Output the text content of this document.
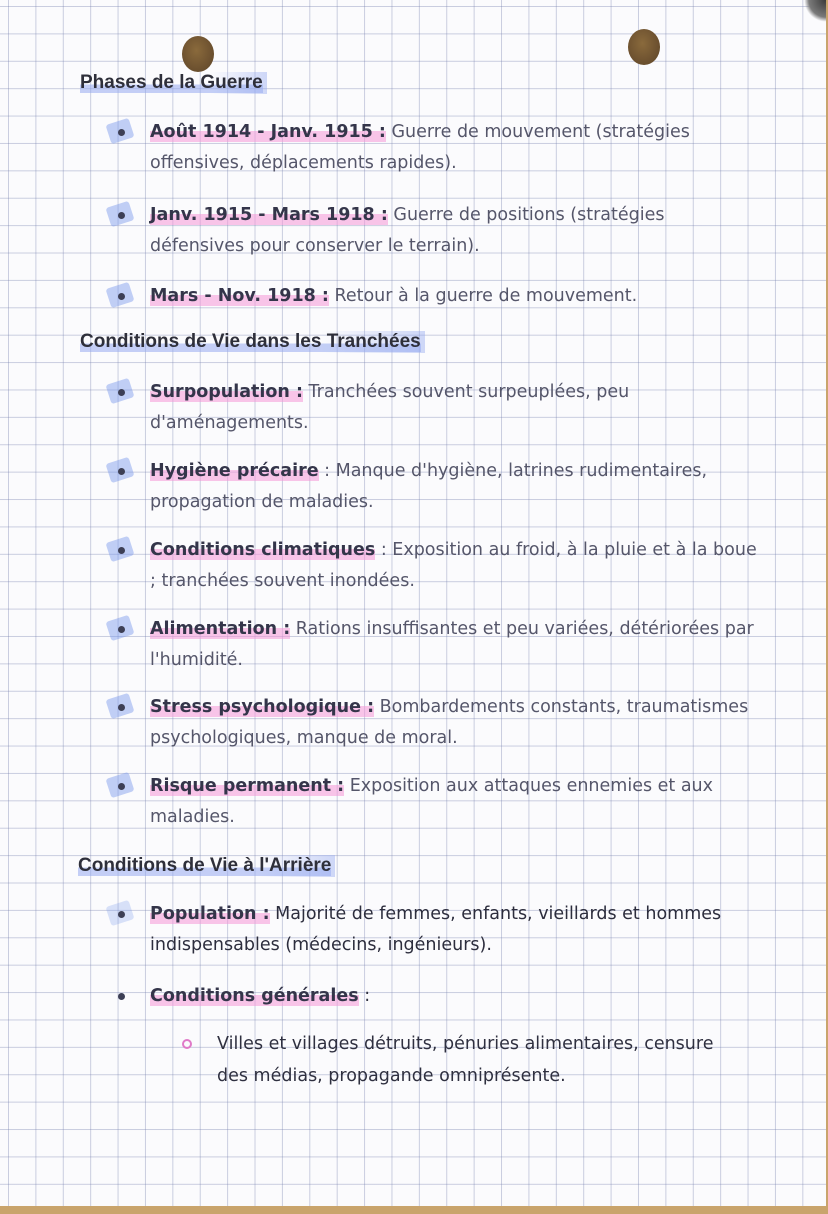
Phases de la Guerre
Août 1914 - Janv. 1915 : Guerre de mouvement (stratégies offensives, déplacements rapides).
Janv. 1915 - Mars 1918 : Guerre de positions (stratégies défensives pour conserver le terrain).
Mars - Nov. 1918 : Retour à la guerre de mouvement.
Conditions de Vie dans les Tranchées
Surpopulation : Tranchées souvent surpeuplées, peu d'aménagements.
Hygiène précaire : Manque d'hygiène, latrines rudimentaires, propagation de maladies.
Conditions climatiques : Exposition au froid, à la pluie et à la boue ; tranchées souvent inondées.
Alimentation : Rations insuffisantes et peu variées, détériorées par l'humidité.
Stress psychologique : Bombardements constants, traumatismes psychologiques, manque de moral.
Risque permanent : Exposition aux attaques ennemies et aux maladies.
Conditions de Vie à l'Arrière
Population : Majorité de femmes, enfants, vieillards et hommes indispensables (médecins, ingénieurs).
Conditions générales :
Villes et villages détruits, pénuries alimentaires, censure des médias, propagande omniprésente.
